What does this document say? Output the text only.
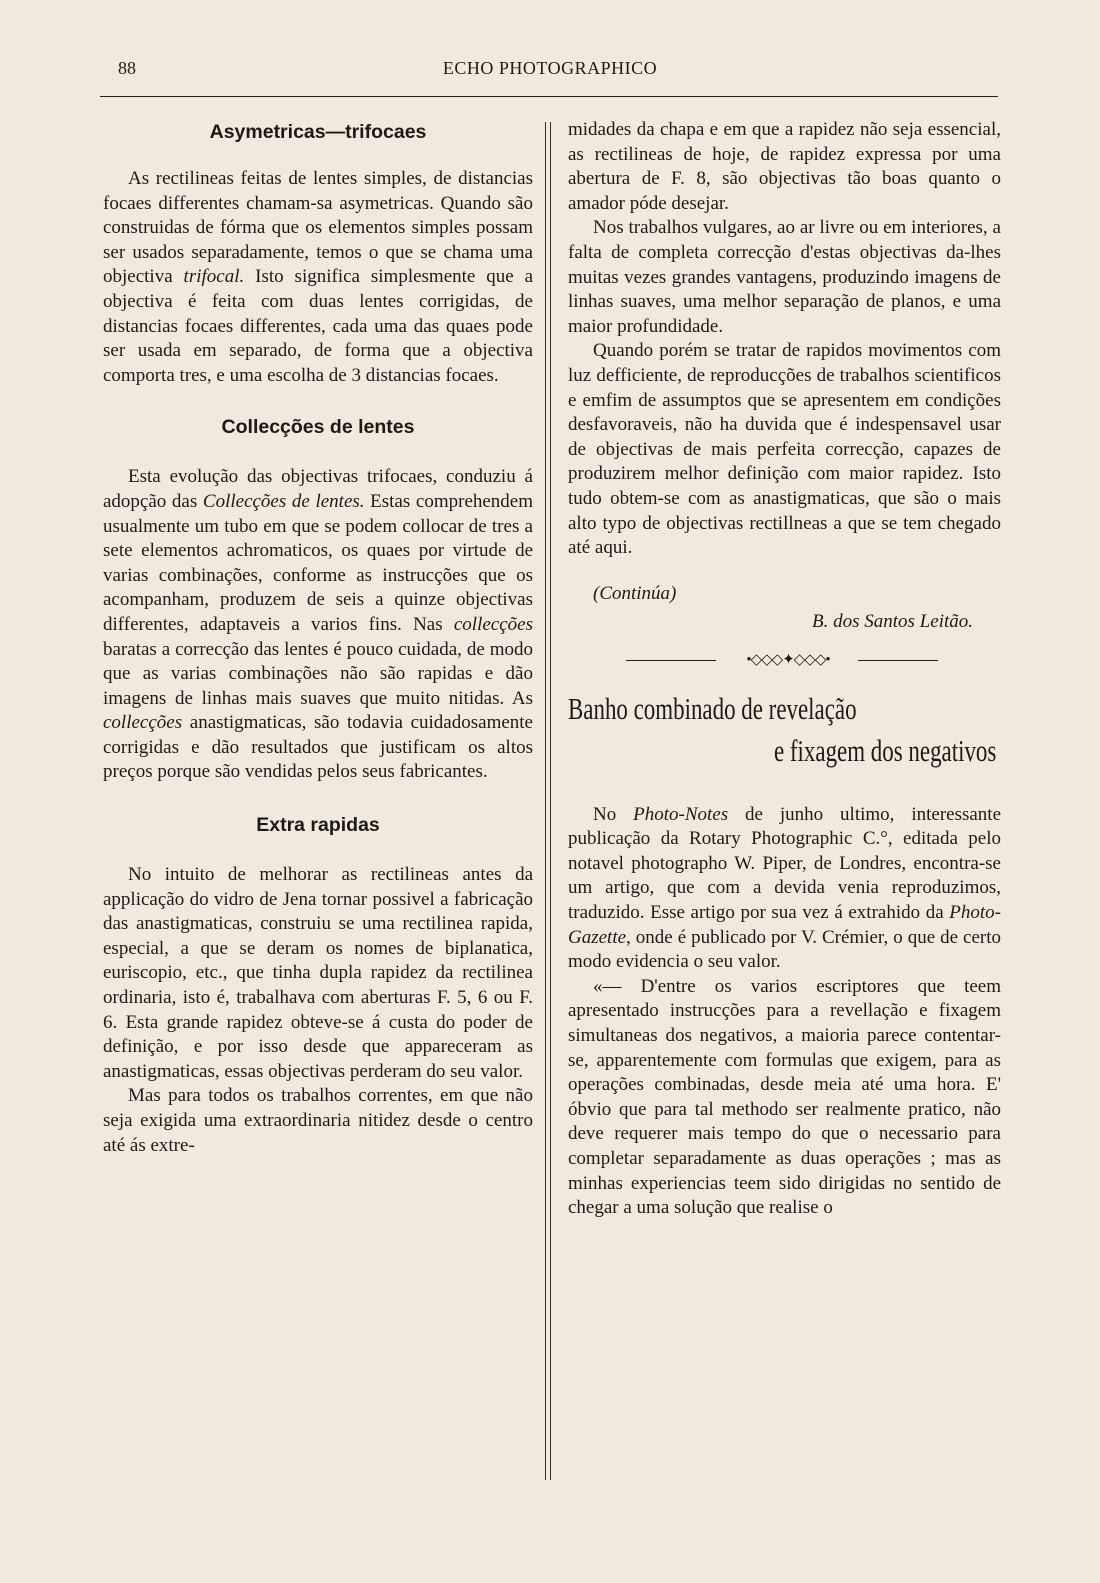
88	ECHO PHOTOGRAPHICO
Asymetricas—trifocaes

As rectilineas feitas de lentes simples, de distancias focaes differentes chamam-sa asymetricas. Quando são construidas de fórma que os elementos simples possam ser usados separadamente, temos o que se chama uma objectiva trifocal. Isto significa simplesmente que a objectiva é feita com duas lentes corrigidas, de distancias focaes differentes, cada uma das quaes pode ser usada em separado, de forma que a objectiva comporta tres, e uma escolha de 3 distancias focaes.

Collecções de lentes

Esta evolução das objectivas trifocaes, conduziu á adopção das Collecções de lentes. Estas comprehendem usualmente um tubo em que se podem collocar de tres a sete elementos achromaticos, os quaes por virtude de varias combinações, conforme as instrucções que os acompanham, produzem de seis a quinze objectivas differentes, adaptaveis a varios fins. Nas collecções baratas a correcção das lentes é pouco cuidada, de modo que as varias combinações não são rapidas e dão imagens de linhas mais suaves que muito nitidas. As collecções anastigmaticas, são todavia cuidadosamente corrigidas e dão resultados que justificam os altos preços porque são vendidas pelos seus fabricantes.

Extra rapidas

No intuito de melhorar as rectilineas antes da applicação do vidro de Jena tornar possivel a fabricação das anastigmaticas, construiu se uma rectilinea rapida, especial, a que se deram os nomes de biplanatica, euriscopio, etc., que tinha dupla rapidez da rectilinea ordinaria, isto é, trabalhava com aberturas F. 5, 6 ou F. 6. Esta grande rapidez obteve-se á custa do poder de definição, e por isso desde que appareceram as anastigmaticas, essas objectivas perderam do seu valor.

Mas para todos os trabalhos correntes, em que não seja exigida uma extraordinaria nitidez desde o centro até ás extre-

midades da chapa e em que a rapidez não seja essencial, as rectilineas de hoje, de rapidez expressa por uma abertura de F. 8, são objectivas tão boas quanto o amador póde desejar.

Nos trabalhos vulgares, ao ar livre ou em interiores, a falta de completa correcção d'estas objectivas da-lhes muitas vezes grandes vantagens, produzindo imagens de linhas suaves, uma melhor separação de planos, e uma maior profundidade.

Quando porém se tratar de rapidos movimentos com luz defficiente, de reproducções de trabalhos scientificos e emfim de assumptos que se apresentem em condições desfavoraveis, não ha duvida que é indespensavel usar de objectivas de mais perfeita correcção, capazes de produzirem melhor definição com maior rapidez. Isto tudo obtem-se com as anastigmaticas, que são o mais alto typo de objectivas rectillneas a que se tem chegado até aqui.

(Continúa)
B. dos Santos Leitão.
•◇◇◇✦◇◇◇•
Banho combinado de revelação
e fixagem dos negativos

No Photo-Notes de junho ultimo, interessante publicação da Rotary Photographic C.°, editada pelo notavel photographo W. Piper, de Londres, encontra-se um artigo, que com a devida venia reproduzimos, traduzido. Esse artigo por sua vez á extrahido da Photo-Gazette, onde é publicado por V. Crémier, o que de certo modo evidencia o seu valor.

«— D'entre os varios escriptores que teem apresentado instrucções para a revellação e fixagem simultaneas dos negativos, a maioria parece contentar-se, apparentemente com formulas que exigem, para as operações combinadas, desde meia até uma hora. E' óbvio que para tal methodo ser realmente pratico, não deve requerer mais tempo do que o necessario para completar separadamente as duas operações ; mas as minhas experiencias teem sido dirigidas no sentido de chegar a uma solução que realise o
